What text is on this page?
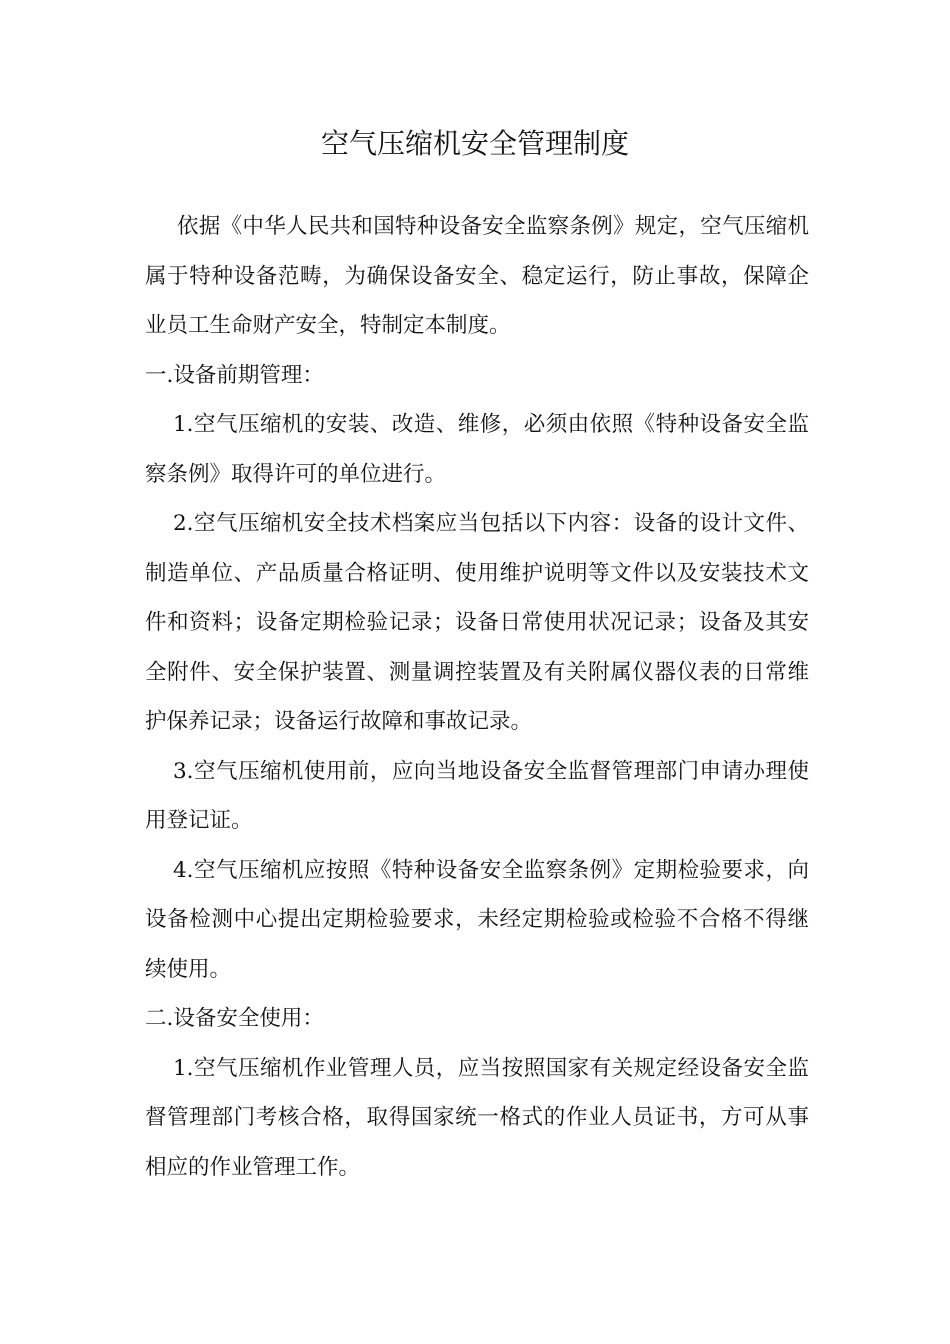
空气压缩机安全管理制度

依据《中华人民共和国特种设备安全监察条例》规定，空气压缩机属于特种设备范畴，为确保设备安全、稳定运行，防止事故，保障企业员工生命财产安全，特制定本制度。

一.设备前期管理：

1.空气压缩机的安装、改造、维修，必须由依照《特种设备安全监察条例》取得许可的单位进行。

2.空气压缩机安全技术档案应当包括以下内容：设备的设计文件、制造单位、产品质量合格证明、使用维护说明等文件以及安装技术文件和资料；设备定期检验记录；设备日常使用状况记录；设备及其安全附件、安全保护装置、测量调控装置及有关附属仪器仪表的日常维护保养记录；设备运行故障和事故记录。

3.空气压缩机使用前，应向当地设备安全监督管理部门申请办理使用登记证。

4.空气压缩机应按照《特种设备安全监察条例》定期检验要求，向设备检测中心提出定期检验要求，未经定期检验或检验不合格不得继续使用。

二.设备安全使用：

1.空气压缩机作业管理人员，应当按照国家有关规定经设备安全监督管理部门考核合格，取得国家统一格式的作业人员证书，方可从事相应的作业管理工作。
